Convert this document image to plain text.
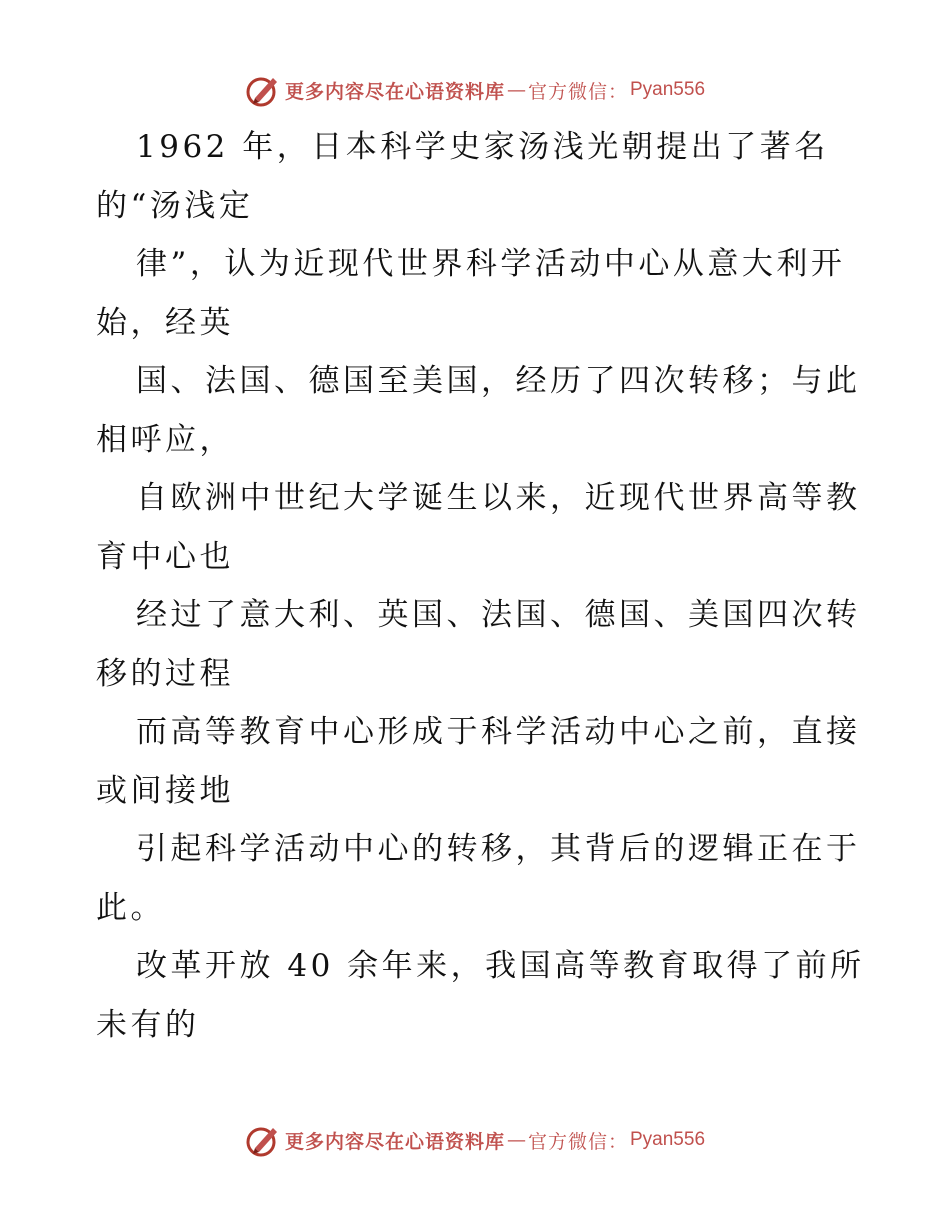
更多内容尽在心语资料库 — 官方微信： Pyan556
1962 年，日本科学史家汤浅光朝提出了著名
的“汤浅定
律”，认为近现代世界科学活动中心从意大利开
始，经英
国、法国、德国至美国，经历了四次转移；与此
相呼应，
自欧洲中世纪大学诞生以来，近现代世界高等教
育中心也
经过了意大利、英国、法国、德国、美国四次转
移的过程
而高等教育中心形成于科学活动中心之前，直接
或间接地
引起科学活动中心的转移，其背后的逻辑正在于
此。
改革开放 40 余年来，我国高等教育取得了前所
未有的
更多内容尽在心语资料库 — 官方微信： Pyan556
